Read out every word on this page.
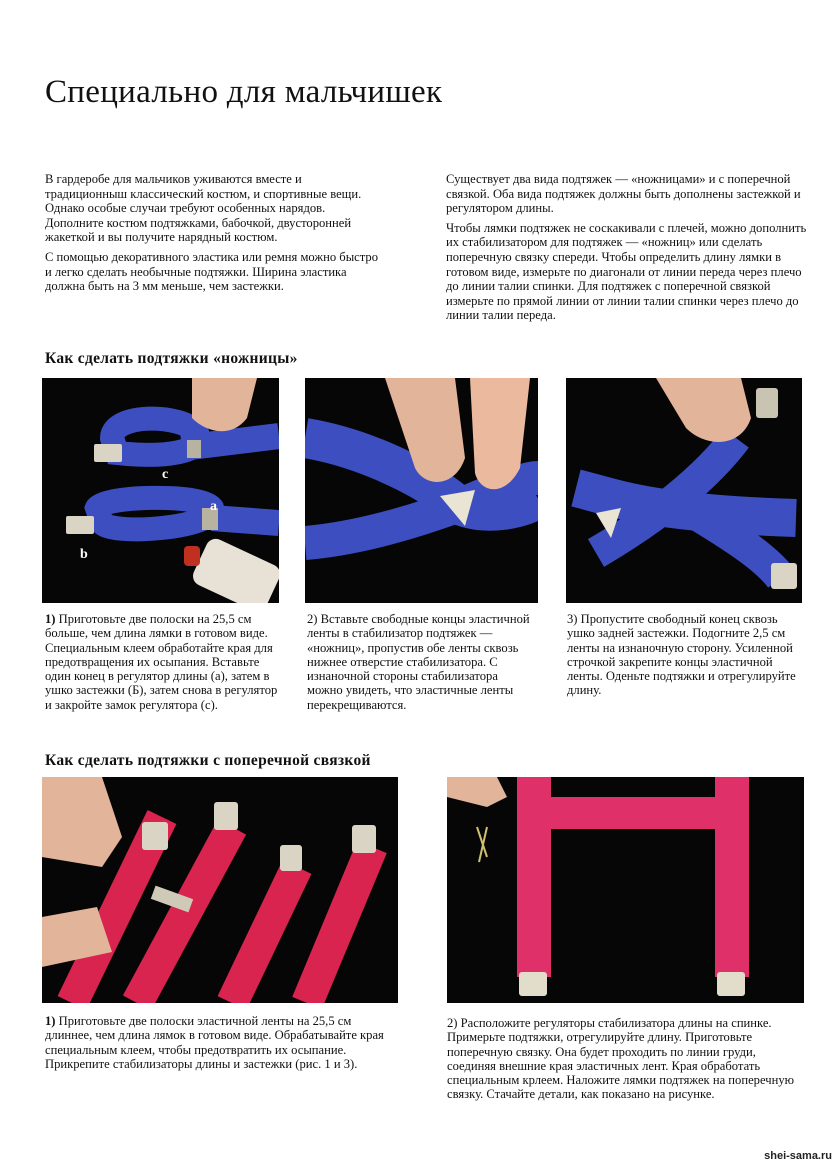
Специально для мальчишек

В гардеробе для мальчиков уживаются вместе и традиционныш классический костюм, и спортивные вещи. Однако особые случаи требуют особенных нарядов. Дополните костюм подтяжками, бабочкой, двусторонней жакеткой и вы получите нарядный костюм.

С помощью декоративного эластика или ремня можно быстро и легко сделать необычные подтяжки. Ширина эластика должна быть на 3 мм меньше, чем застежки.

Существует два вида подтяжек — «ножницами» и с поперечной связкой. Оба вида подтяжек должны быть дополнены застежкой и регулятором длины.

Чтобы лямки подтяжек не соскакивали с плечей, можно дополнить их стабилизатором для подтяжек — «ножниц» или сделать поперечную связку спереди. Чтобы определить длину лямки в готовом виде, измерьте по диагонали от линии переда через плечо до линии талии спинки. Для подтяжек с поперечной связкой измерьте по прямой линии от линии талии спинки через плечо до линии талии переда.

Как сделать подтяжки «ножницы»
с
а
b

1) Приготовьте две полоски на 25,5 см больше, чем длина лямки в готовом виде. Специальным клеем обработайте края для предотвращения их осыпания. Вставьте один конец в регулятор длины (а), затем в ушко застежки (Б), затем снова в регулятор и закройте замок регулятора (с).

2) Вставьте свободные концы эластичной ленты в стабилизатор подтяжек — «ножниц», пропустив обе ленты сквозь нижнее отверстие стабилизатора. С изнаночной стороны стабилизатора можно увидеть, что эластичные ленты перекрещиваются.

3) Пропустите свободный конец сквозь ушко задней застежки. Подогните 2,5 см ленты на изнаночную сторону. Усиленной строчкой закрепите концы эластичной ленты. Оденьте подтяжки и отрегулируйте длину.

Как сделать подтяжки с поперечной связкой

1) Приготовьте две полоски эластичной ленты на 25,5 см длиннее, чем длина лямок в готовом виде. Обрабатывайте края специальным клеем, чтобы предотвратить их осыпание. Прикрепите стабилизаторы длины и застежки (рис. 1 и 3).

2) Расположите регуляторы стабилизатора длины на спинке. Примерьте подтяжки, отрегулируйте длину. Приготовьте поперечную связку. Она будет проходить по линии груди, соединяя внешние края эластичных лент. Края обработать специальным крлеем. Наложите лямки подтяжек на поперечную связку. Стачайте детали, как показано на рисунке.

shei-sama.ru
